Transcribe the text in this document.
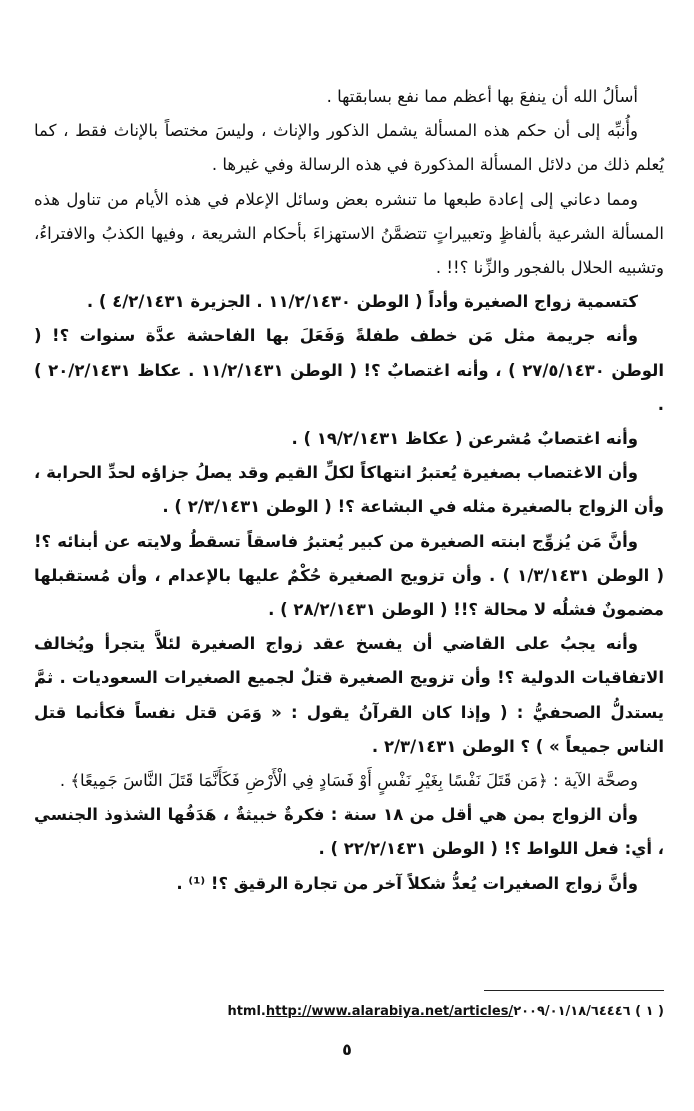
أسألُ الله أن ينفعَ بها أعظم مما نفع بسابقتها .

وأُنبِّه إلى أن حكم هذه المسألة يشمل الذكور والإناث ، وليسَ مختصاً بالإناث فقط ، كما يُعلم ذلك من دلائل المسألة المذكورة في هذه الرسالة وفي غيرها .

ومما دعاني إلى إعادة طبعها ما تنشره بعض وسائل الإعلام في هذه الأيام من تناول هذه المسألة الشرعية بألفاظٍ وتعبيراتٍ تتضمَّنُ الاستهزاءَ بأحكام الشريعة ، وفيها الكذبُ والافتراءُ، وتشبيه الحلال بالفجور والزِّنا ؟!! .

كتسمية زواج الصغيرة وأداً ( الوطن ١١/٢/١٤٣٠ . الجزيرة ٤/٢/١٤٣١ ) .

وأنه جريمة مثل مَن خطف طفلةً وَفَعَلَ بها الفاحشة عدَّة سنوات ؟! ( الوطن ٢٧/٥/١٤٣٠ ) ، وأنه اغتصابٌ ؟! ( الوطن ١١/٢/١٤٣١ . عكاظ ٢٠/٢/١٤٣١ ) .

وأنه اغتصابٌ مُشرعن ( عكاظ ١٩/٢/١٤٣١ ) .

وأن الاغتصاب بصغيرة يُعتبرُ انتهاكاً لكلِّ القيم وقد يصلُ جزاؤه لحدِّ الحرابة ، وأن الزواج بالصغيرة مثله في البشاعة ؟! ( الوطن ٢/٣/١٤٣١ ) .

وأنَّ مَن يُزوِّج ابنته الصغيرة من كبير يُعتبرُ فاسقاً تسقطُ ولايته عن أبنائه ؟! ( الوطن ١/٣/١٤٣١ ) . وأن تزويج الصغيرة حُكْمٌ عليها بالإعدام ، وأن مُستقبلها مضمونٌ فشلُه لا محالة ؟!! ( الوطن ٢٨/٢/١٤٣١ ) .

وأنه يجبُ على القاضي أن يفسخ عقد زواج الصغيرة لئلاَّ يتجرأ ويُخالف الاتفاقيات الدولية ؟! وأن تزويج الصغيرة قتلٌ لجميع الصغيرات السعوديات . ثمَّ يستدلُّ الصحفيُّ : ( وإذا كان القرآنُ يقول : « وَمَن قتل نفساً فكأنما قتل الناس جميعاً » ) ؟ الوطن ٢/٣/١٤٣١ .

وصحَّة الآية : ﴿مَن قَتَلَ نَفْسًا بِغَيْرِ نَفْسٍ أَوْ فَسَادٍ فِي الْأَرْضِ فَكَأَنَّمَا قَتَلَ النَّاسَ جَمِيعًا﴾ .

وأن الزواج بمن هي أقل من ١٨ سنة : فكرةٌ خبيثةٌ ، هَدَفُها الشذوذ الجنسي ، أي: فعل اللواط ؟! ( الوطن ٢٢/٢/١٤٣١ ) .

وأنَّ زواج الصغيرات يُعدُّ شكلاً آخر من تجارة الرقيق ؟! ⁽¹⁾ .

( ١ ) http://www.alarabiya.net/articles/٢٠٠٩/٠١/١٨/٦٤٤٤٦.html
٥
